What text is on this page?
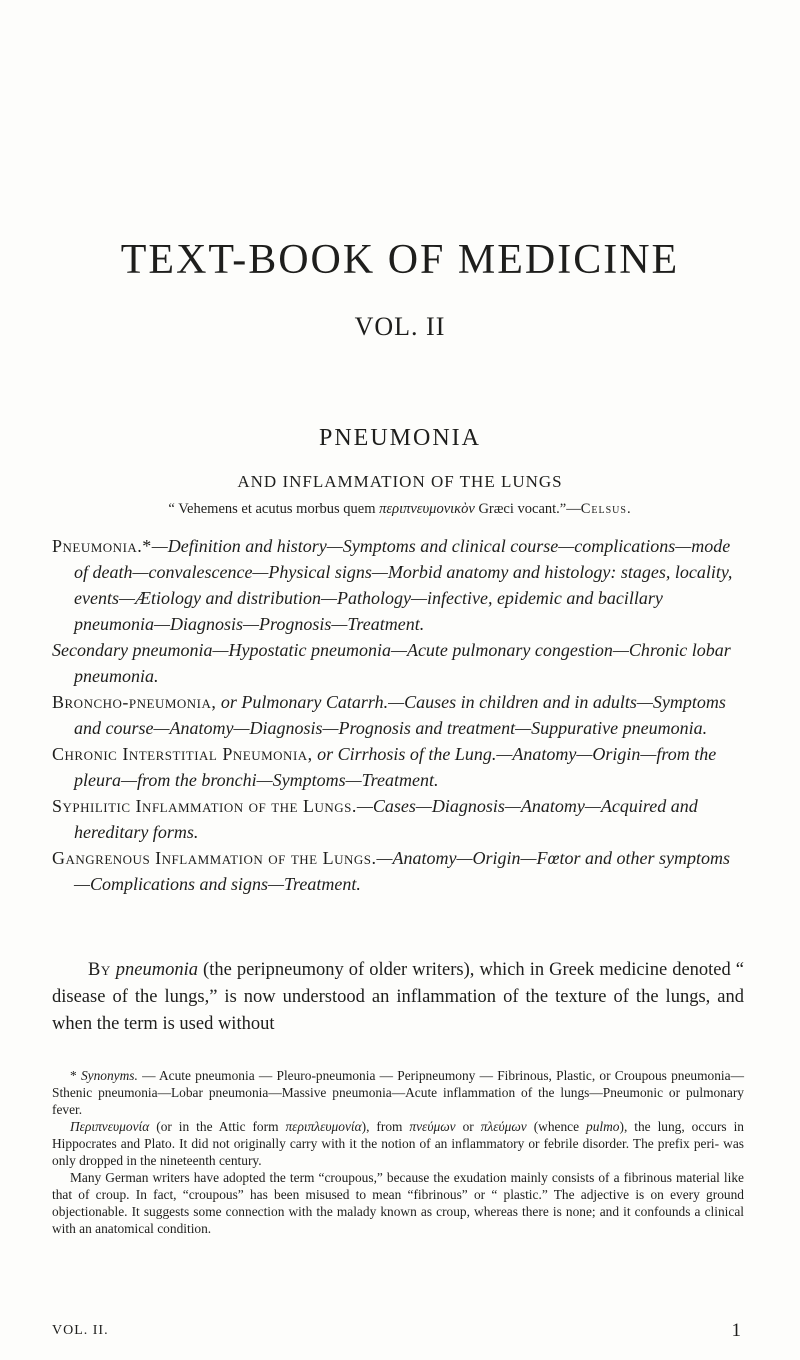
TEXT-BOOK OF MEDICINE
VOL. II
PNEUMONIA
AND INFLAMMATION OF THE LUNGS
“ Vehemens et acutus morbus quem περιπνευμονικὸν Græci vocant.”—Celsus.

Pneumonia.*—Definition and history—Symptoms and clinical course—complications—mode of death—convalescence—Physical signs—Morbid anatomy and histology: stages, locality, events—Ætiology and distribution—Pathology—infective, epidemic and bacillary pneumonia—Diagnosis—Prognosis—Treatment.

Secondary pneumonia—Hypostatic pneumonia—Acute pulmonary congestion—Chronic lobar pneumonia.

Broncho-pneumonia, or Pulmonary Catarrh.—Causes in children and in adults—Symptoms and course—Anatomy—Diagnosis—Prognosis and treatment—Suppurative pneumonia.

Chronic Interstitial Pneumonia, or Cirrhosis of the Lung.—Anatomy—Origin—from the pleura—from the bronchi—Symptoms—Treatment.

Syphilitic Inflammation of the Lungs.—Cases—Diagnosis—Anatomy—Acquired and hereditary forms.

Gangrenous Inflammation of the Lungs.—Anatomy—Origin—Fœtor and other symptoms—Complications and signs—Treatment.

By pneumonia (the peripneumony of older writers), which in Greek medicine denoted “ disease of the lungs,” is now understood an inflammation of the texture of the lungs, and when the term is used without

* Synonyms. — Acute pneumonia — Pleuro-pneumonia — Peripneumony — Fibrinous, Plastic, or Croupous pneumonia—Sthenic pneumonia—Lobar pneumonia—Massive pneumonia—Acute inflammation of the lungs—Pneumonic or pulmonary fever.

Περιπνευμονία (or in the Attic form περιπλευμονία), from πνεύμων or πλεύμων (whence pulmo), the lung, occurs in Hippocrates and Plato. It did not originally carry with it the notion of an inflammatory or febrile disorder. The prefix peri- was only dropped in the nineteenth century.

Many German writers have adopted the term “croupous,” because the exudation mainly consists of a fibrinous material like that of croup. In fact, “croupous” has been misused to mean “fibrinous” or “ plastic.” The adjective is on every ground objectionable. It suggests some connection with the malady known as croup, whereas there is none; and it confounds a clinical with an anatomical condition.

VOL. II.	1
